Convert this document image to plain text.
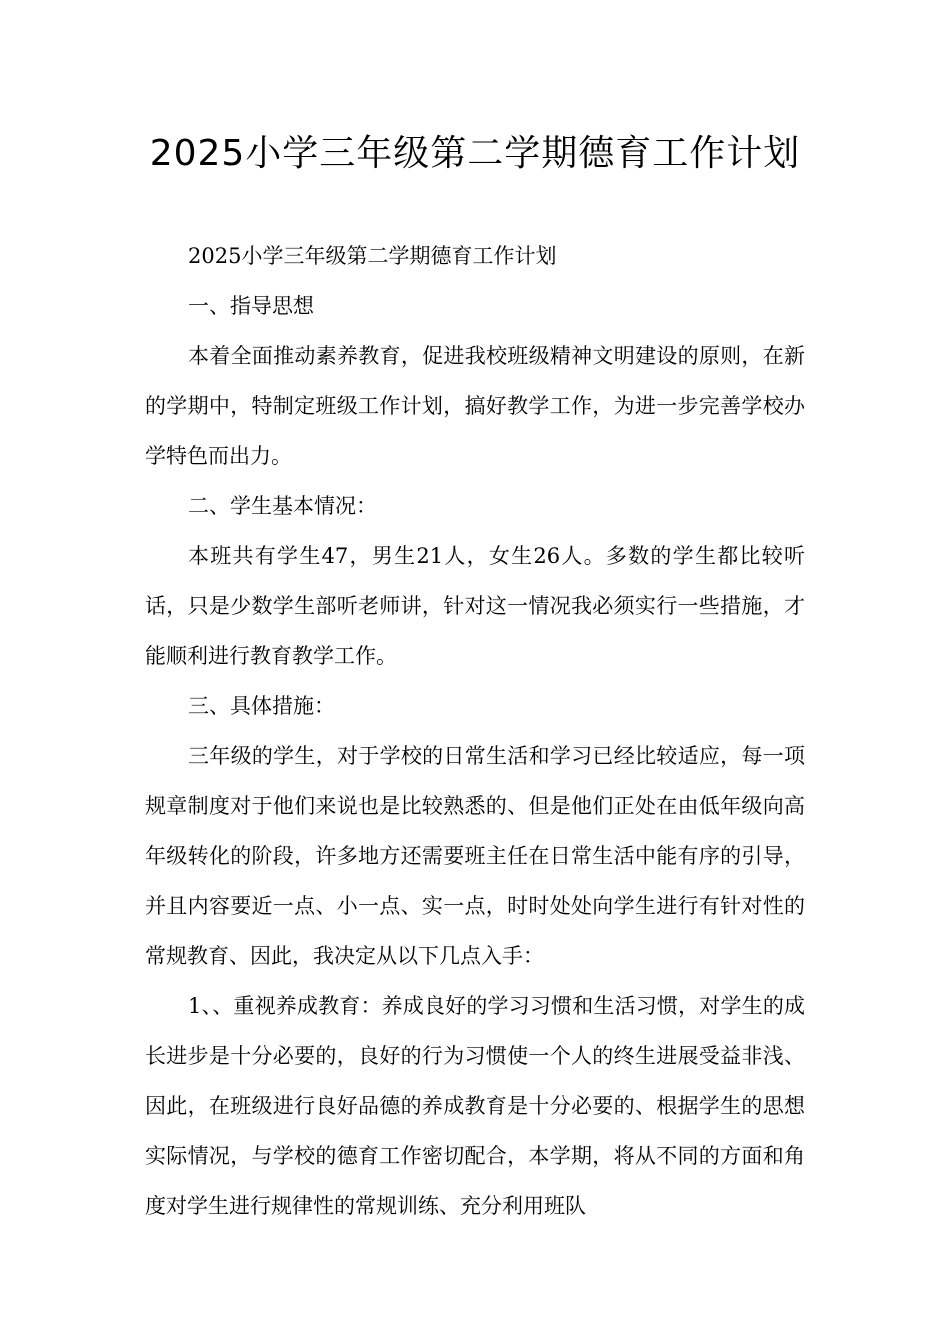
2025小学三年级第二学期德育工作计划

2025小学三年级第二学期德育工作计划

一、指导思想

本着全面推动素养教育，促进我校班级精神文明建设的原则，在新的学期中，特制定班级工作计划，搞好教学工作，为进一步完善学校办学特色而出力。

二、学生基本情况：

本班共有学生47，男生21人，女生26人。多数的学生都比较听话，只是少数学生部听老师讲，针对这一情况我必须实行一些措施，才能顺利进行教育教学工作。

三、具体措施：

三年级的学生，对于学校的日常生活和学习已经比较适应，每一项规章制度对于他们来说也是比较熟悉的、但是他们正处在由低年级向高年级转化的阶段，许多地方还需要班主任在日常生活中能有序的引导，并且内容要近一点、小一点、实一点，时时处处向学生进行有针对性的常规教育、因此，我决定从以下几点入手：

1、、重视养成教育：养成良好的学习习惯和生活习惯，对学生的成长进步是十分必要的，良好的行为习惯使一个人的终生进展受益非浅、因此，在班级进行良好品德的养成教育是十分必要的、根据学生的思想实际情况，与学校的德育工作密切配合，本学期，将从不同的方面和角度对学生进行规律性的常规训练、充分利用班队
